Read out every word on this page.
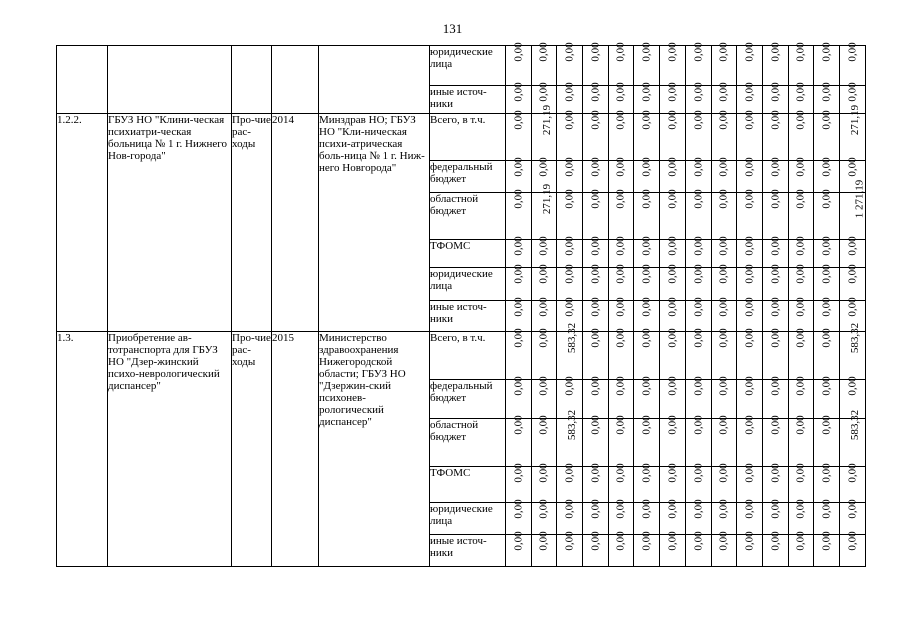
131

					юридические лица	0,00	0,00	0,00	0,00	0,00	0,00	0,00	0,00	0,00	0,00	0,00	0,00	0,00	0,00

					иные источ-ники	0,00	0,00	0,00	0,00	0,00	0,00	0,00	0,00	0,00	0,00	0,00	0,00	0,00	0,00

1.2.2.	ГБУЗ НО "Клини-ческая психиатри-ческая больница № 1 г. Нижнего Нов-города"	Про-чие рас-ходы	2014	Минздрав НО; ГБУЗ НО "Кли-ническая психи-атрическая боль-ница № 1 г. Ниж-него Новгорода"	Всего, в т.ч.	0,00	271,19	0,00	0,00	0,00	0,00	0,00	0,00	0,00	0,00	0,00	0,00	0,00	271,19

					федеральный бюджет	0,00	0,00	0,00	0,00	0,00	0,00	0,00	0,00	0,00	0,00	0,00	0,00	0,00	0,00

					областной бюджет	0,00	271,19	0,00	0,00	0,00	0,00	0,00	0,00	0,00	0,00	0,00	0,00	0,00	1 271,19

					ТФОМС	0,00	0,00	0,00	0,00	0,00	0,00	0,00	0,00	0,00	0,00	0,00	0,00	0,00	0,00

					юридические лица	0,00	0,00	0,00	0,00	0,00	0,00	0,00	0,00	0,00	0,00	0,00	0,00	0,00	0,00

					иные источ-ники	0,00	0,00	0,00	0,00	0,00	0,00	0,00	0,00	0,00	0,00	0,00	0,00	0,00	0,00

1.3.	Приобретение ав-тотранспорта для ГБУЗ НО "Дзер-жинский психо-неврологический диспансер"	Про-чие рас-ходы	2015	Министерство здравоохранения Нижегородской области; ГБУЗ НО "Дзержин-ский психонев-рологический диспансер"	Всего, в т.ч.	0,00	0,00	583,32	0,00	0,00	0,00	0,00	0,00	0,00	0,00	0,00	0,00	0,00	583,32

					федеральный бюджет	0,00	0,00	0,00	0,00	0,00	0,00	0,00	0,00	0,00	0,00	0,00	0,00	0,00	0,00

					областной бюджет	0,00	0,00	583,32	0,00	0,00	0,00	0,00	0,00	0,00	0,00	0,00	0,00	0,00	583,32

					ТФОМС	0,00	0,00	0,00	0,00	0,00	0,00	0,00	0,00	0,00	0,00	0,00	0,00	0,00	0,00

					юридические лица	0,00	0,00	0,00	0,00	0,00	0,00	0,00	0,00	0,00	0,00	0,00	0,00	0,00	0,00

					иные источ-ники	0,00	0,00	0,00	0,00	0,00	0,00	0,00	0,00	0,00	0,00	0,00	0,00	0,00	0,00
